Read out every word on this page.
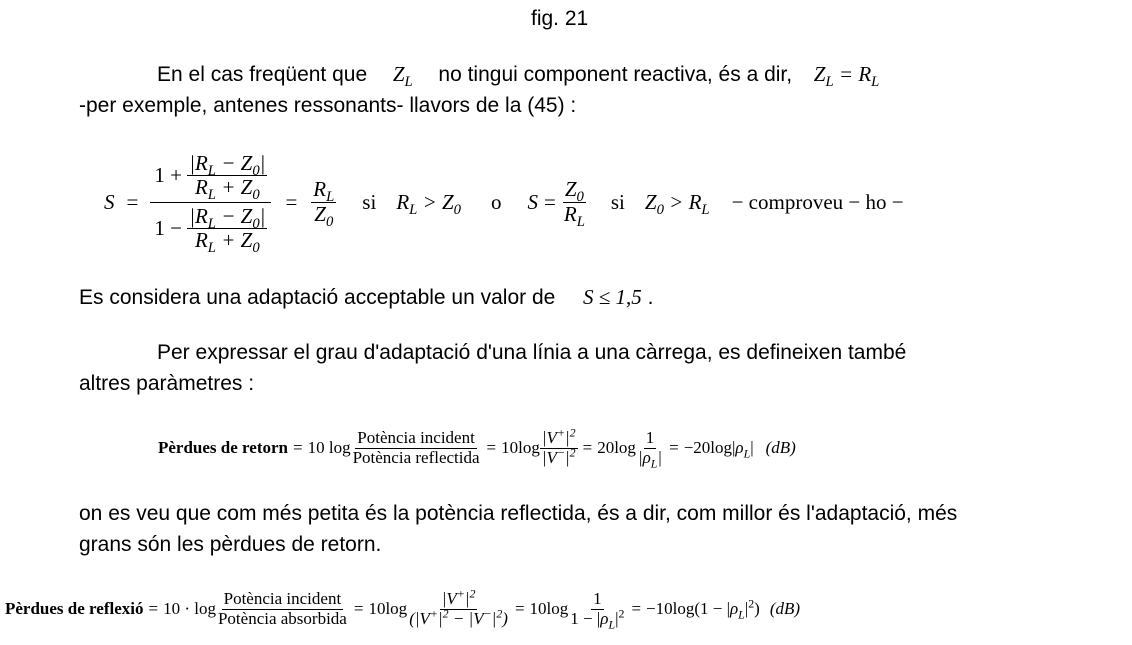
fig. 21
En el cas freqüent que $Z_L$ no tingui component reactiva, és a dir, $Z_L = R_L$
-per exemple, antenes ressonants- llavors de la (45) :
$S = \frac{1 + \frac{|R_L - Z_0|}{R_L + Z_0}}{1 - \frac{|R_L - Z_0|}{R_L + Z_0}} = \frac{R_L}{Z_0}$ si $R_L > Z_0$ o $S = \frac{Z_0}{R_L}$ si $Z_0 > R_L$ − comproveu − ho −
Es considera una adaptació acceptable un valor de S ≤ 1,5 .
Per expressar el grau d'adaptació d'una línia a una càrrega, es defineixen també
altres paràmetres :
Pèrdues de retorn = 10 $\log \frac{\text{Potència incident}}{\text{Potència reflectida}} = 10\log \frac{|V^+|^2}{|V^-|^2} = 20\log \frac{1}{|\rho_L|} = -20\log|\rho_L|$ (dB)
on es veu que com més petita és la potència reflectida, és a dir, com millor és l'adaptació, més
grans són les pèrdues de retorn.
Pèrdues de reflexió = $10 \cdot \log \frac{\text{Potència incident}}{\text{Potència absorbida}} = 10\log \frac{|V^+|^2}{(|V^+|^2 - |V^-|^2)} = 10\log \frac{1}{1 - |\rho_L|^2} = -10\log(1 - |\rho_L|^2)$ (dB)
